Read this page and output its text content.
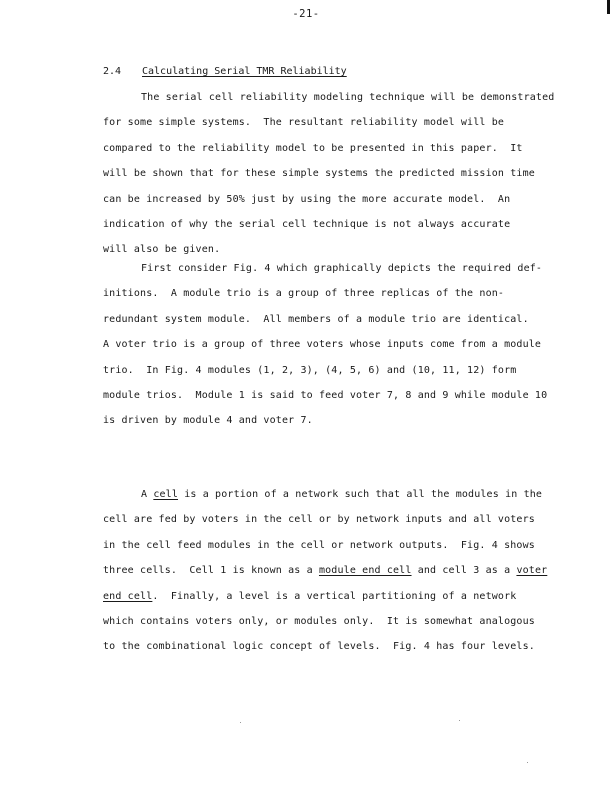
-21-
2.4 Calculating Serial TMR Reliability
The serial cell reliability modeling technique will be demonstrated
for some simple systems.  The resultant reliability model will be
compared to the reliability model to be presented in this paper.  It
will be shown that for these simple systems the predicted mission time
can be increased by 50% just by using the more accurate model.  An
indication of why the serial cell technique is not always accurate
will also be given.
First consider Fig. 4 which graphically depicts the required def-
initions.  A module trio is a group of three replicas of the non-
redundant system module.  All members of a module trio are identical.
A voter trio is a group of three voters whose inputs come from a module
trio.  In Fig. 4 modules (1, 2, 3), (4, 5, 6) and (10, 11, 12) form
module trios.  Module 1 is said to feed voter 7, 8 and 9 while module 10
is driven by module 4 and voter 7.
A cell is a portion of a network such that all the modules in the
cell are fed by voters in the cell or by network inputs and all voters
in the cell feed modules in the cell or network outputs.  Fig. 4 shows
three cells.  Cell 1 is known as a module end cell and cell 3 as a voter
end cell.  Finally, a level is a vertical partitioning of a network
which contains voters only, or modules only.  It is somewhat analogous
to the combinational logic concept of levels.  Fig. 4 has four levels.
